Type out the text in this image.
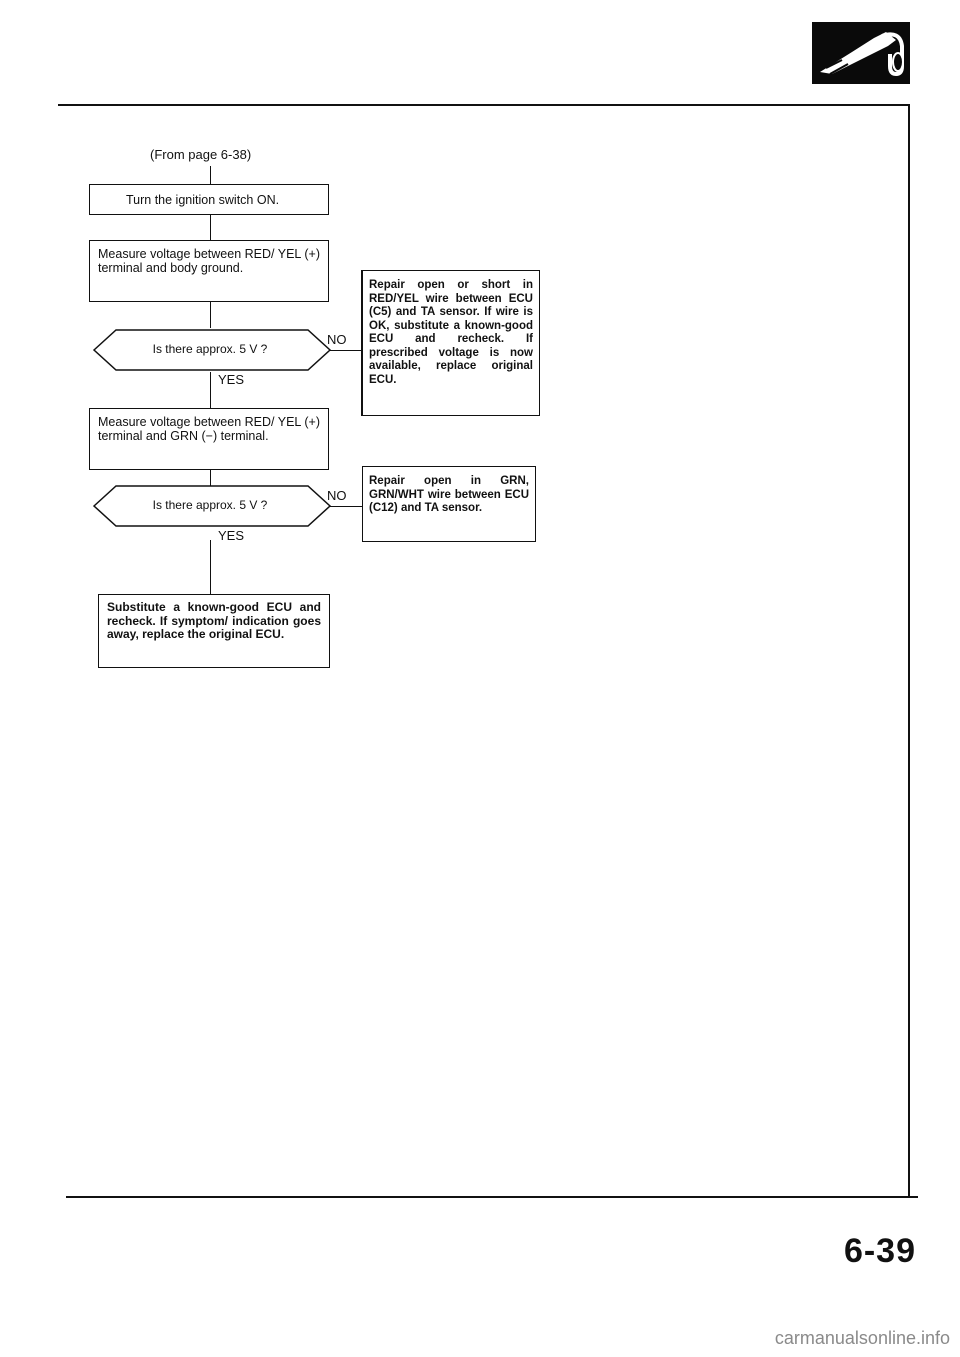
(From page 6-38)
Turn the ignition switch ON.
Measure voltage between RED/ YEL (+) terminal and body ground.
Is there approx. 5 V ?
NO
YES
Repair open or short in RED/YEL wire between ECU (C5) and TA sensor. If wire is OK, substitute a known-good ECU and recheck. If prescribed voltage is now available, replace original ECU.
Measure voltage between RED/ YEL (+) terminal and GRN (−) terminal.
Is there approx. 5 V ?
NO
YES
Repair open in GRN, GRN/WHT wire between ECU (C12) and TA sensor.
Substitute a known-good ECU and recheck. If symptom/ indication goes away, replace the original ECU.
6-39
carmanualsonline.info
